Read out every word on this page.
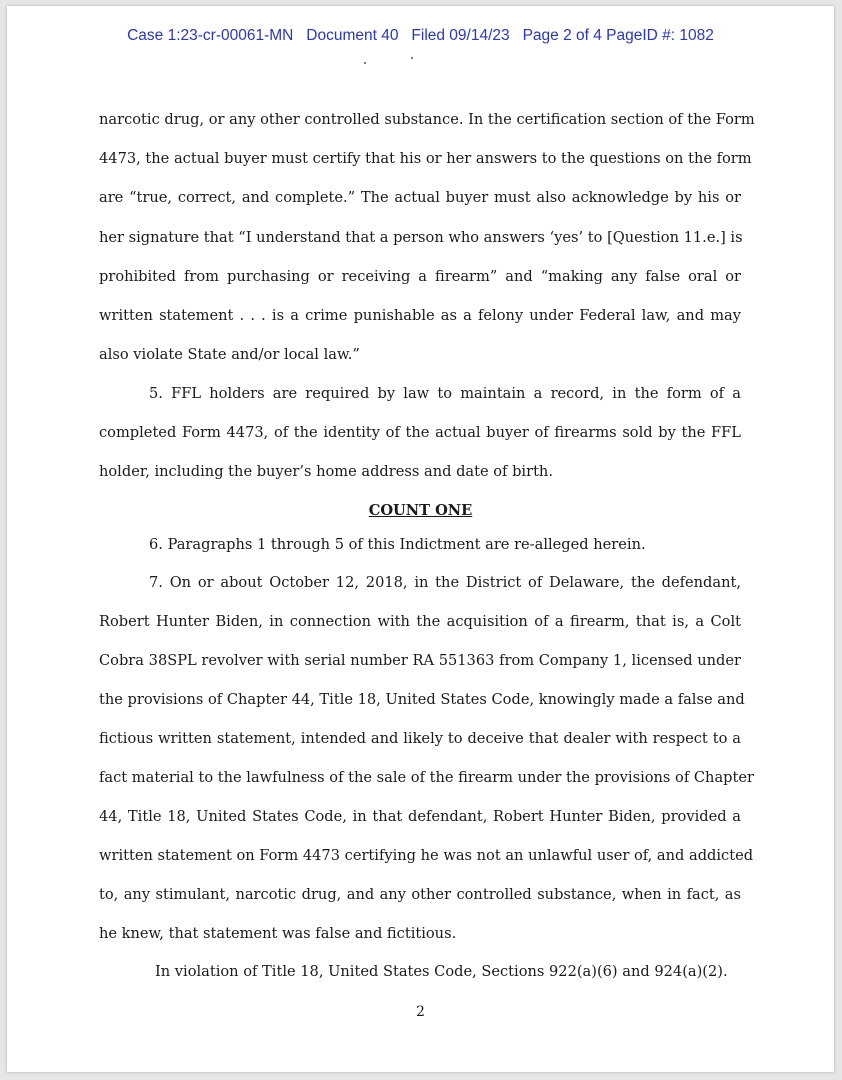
Case 1:23-cr-00061-MN Document 40 Filed 09/14/23 Page 2 of 4 PageID #: 1082
narcotic drug, or any other controlled substance. In the certification section of the Form
4473, the actual buyer must certify that his or her answers to the questions on the form
are “true, correct, and complete.” The actual buyer must also acknowledge by his or
her signature that “I understand that a person who answers ‘yes’ to [Question 11.e.] is
prohibited from purchasing or receiving a firearm” and “making any false oral or
written statement . . . is a crime punishable as a felony under Federal law, and may
also violate State and/or local law.”
5. FFL holders are required by law to maintain a record, in the form of a
completed Form 4473, of the identity of the actual buyer of firearms sold by the FFL
holder, including the buyer’s home address and date of birth.
COUNT ONE
6. Paragraphs 1 through 5 of this Indictment are re-alleged herein.
7. On or about October 12, 2018, in the District of Delaware, the defendant,
Robert Hunter Biden, in connection with the acquisition of a firearm, that is, a Colt
Cobra 38SPL revolver with serial number RA 551363 from Company 1, licensed under
the provisions of Chapter 44, Title 18, United States Code, knowingly made a false and
fictious written statement, intended and likely to deceive that dealer with respect to a
fact material to the lawfulness of the sale of the firearm under the provisions of Chapter
44, Title 18, United States Code, in that defendant, Robert Hunter Biden, provided a
written statement on Form 4473 certifying he was not an unlawful user of, and addicted
to, any stimulant, narcotic drug, and any other controlled substance, when in fact, as
he knew, that statement was false and fictitious.
In violation of Title 18, United States Code, Sections 922(a)(6) and 924(a)(2).
2
